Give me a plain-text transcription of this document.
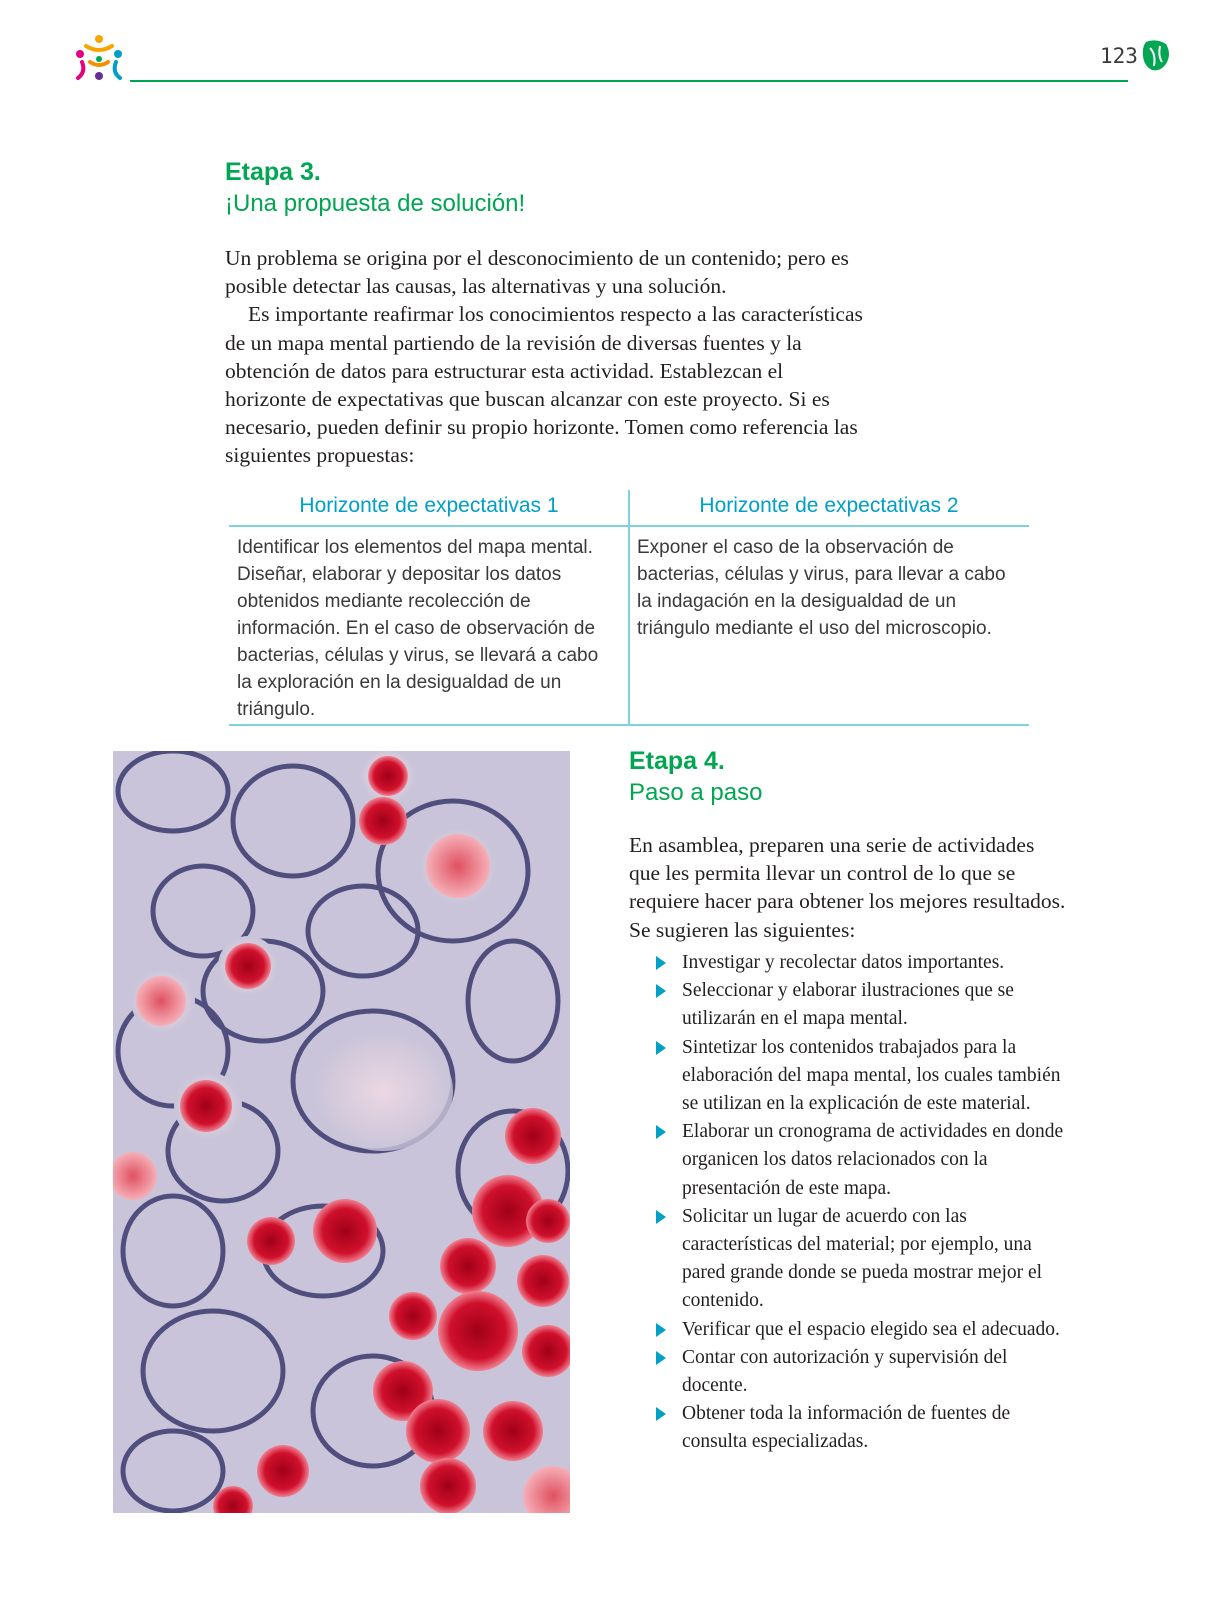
123
Etapa 3.
¡Una propuesta de solución!

Un problema se origina por el desconocimiento de un contenido; pero es posible detectar las causas, las alternativas y una solución.

Es importante reafirmar los conocimientos respecto a las características de un mapa mental partiendo de la revisión de diversas fuentes y la obtención de datos para estructurar esta actividad. Establezcan el horizonte de expectativas que buscan alcanzar con este proyecto. Si es necesario, pueden definir su propio horizonte. Tomen como referencia las siguientes propuestas:

Horizonte de expectativas 1
Identificar los elementos del mapa mental. Diseñar, elaborar y depositar los datos obtenidos mediante recolección de información. En el caso de observación de bacterias, células y virus, se llevará a cabo la exploración en la desigualdad de un triángulo.
Horizonte de expectativas 2
Exponer el caso de la observación de bacterias, células y virus, para llevar a cabo la indagación en la desigualdad de un triángulo mediante el uso del microscopio.
Etapa 4.
Paso a paso
En asamblea, preparen una serie de actividades que les permita llevar un control de lo que se requiere hacer para obtener los mejores resultados. Se sugieren las siguientes:
Investigar y recolectar datos importantes.
Seleccionar y elaborar ilustraciones que se utilizarán en el mapa mental.
Sintetizar los contenidos trabajados para la elaboración del mapa mental, los cuales también se utilizan en la explicación de este material.
Elaborar un cronograma de actividades en donde organicen los datos relacionados con la presentación de este mapa.
Solicitar un lugar de acuerdo con las características del material; por ejemplo, una pared grande donde se pueda mostrar mejor el contenido.
Verificar que el espacio elegido sea el adecuado.
Contar con autorización y supervisión del docente.
Obtener toda la información de fuentes de consulta especializadas.
